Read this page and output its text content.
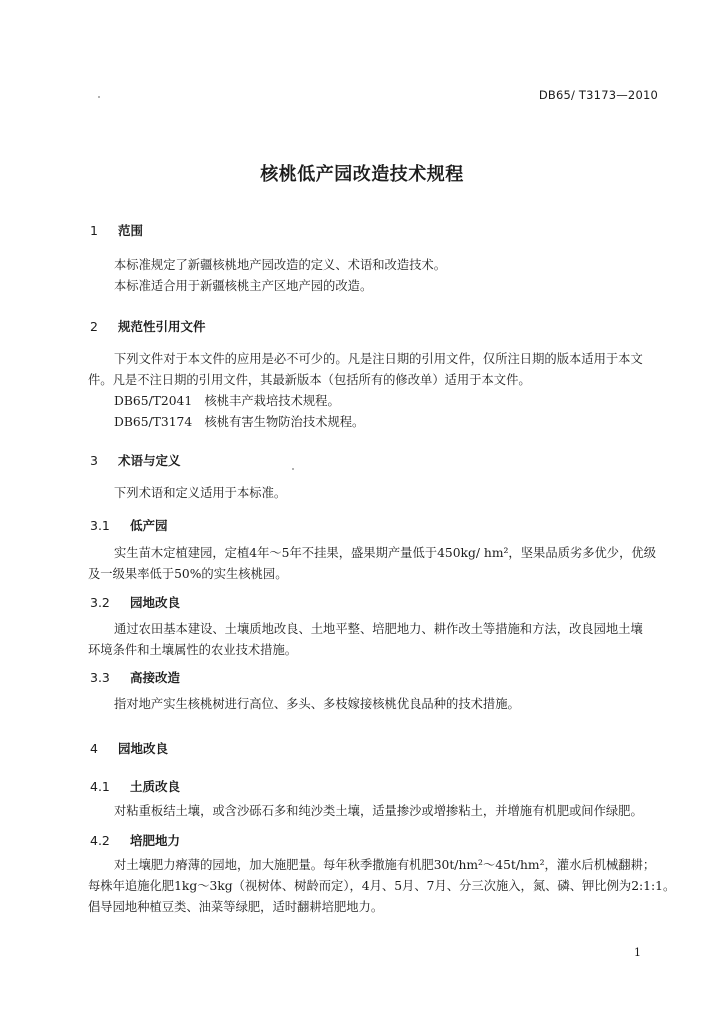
DB65/ T3173—2010
核桃低产园改造技术规程
1 范围
本标准规定了新疆核桃地产园改造的定义、术语和改造技术。
本标准适合用于新疆核桃主产区地产园的改造。
2 规范性引用文件
下列文件对于本文件的应用是必不可少的。凡是注日期的引用文件，仅所注日期的版本适用于本文
件。凡是不注日期的引用文件，其最新版本（包括所有的修改单）适用于本文件。
DB65/T2041　核桃丰产栽培技术规程。
DB65/T3174　核桃有害生物防治技术规程。
3 术语与定义
下列术语和定义适用于本标准。
3.1 低产园
实生苗木定植建园，定植4年～5年不挂果，盛果期产量低于450kg/ hm²，坚果品质劣多优少，优级
及一级果率低于50%的实生核桃园。
3.2 园地改良
通过农田基本建设、土壤质地改良、土地平整、培肥地力、耕作改土等措施和方法，改良园地土壤
环境条件和土壤属性的农业技术措施。
3.3 高接改造
指对地产实生核桃树进行高位、多头、多枝嫁接核桃优良品种的技术措施。
4 园地改良
4.1 土质改良
对粘重板结土壤，或含沙砾石多和纯沙类土壤，适量掺沙或增掺粘土，并增施有机肥或间作绿肥。
4.2 培肥地力
对土壤肥力瘠薄的园地，加大施肥量。每年秋季撒施有机肥30t/hm²～45t/hm²，灌水后机械翻耕；
每株年追施化肥1kg～3kg（视树体、树龄而定），4月、5月、7月、分三次施入，氮、磷、钾比例为2:1:1。
倡导园地种植豆类、油菜等绿肥，适时翻耕培肥地力。
1
